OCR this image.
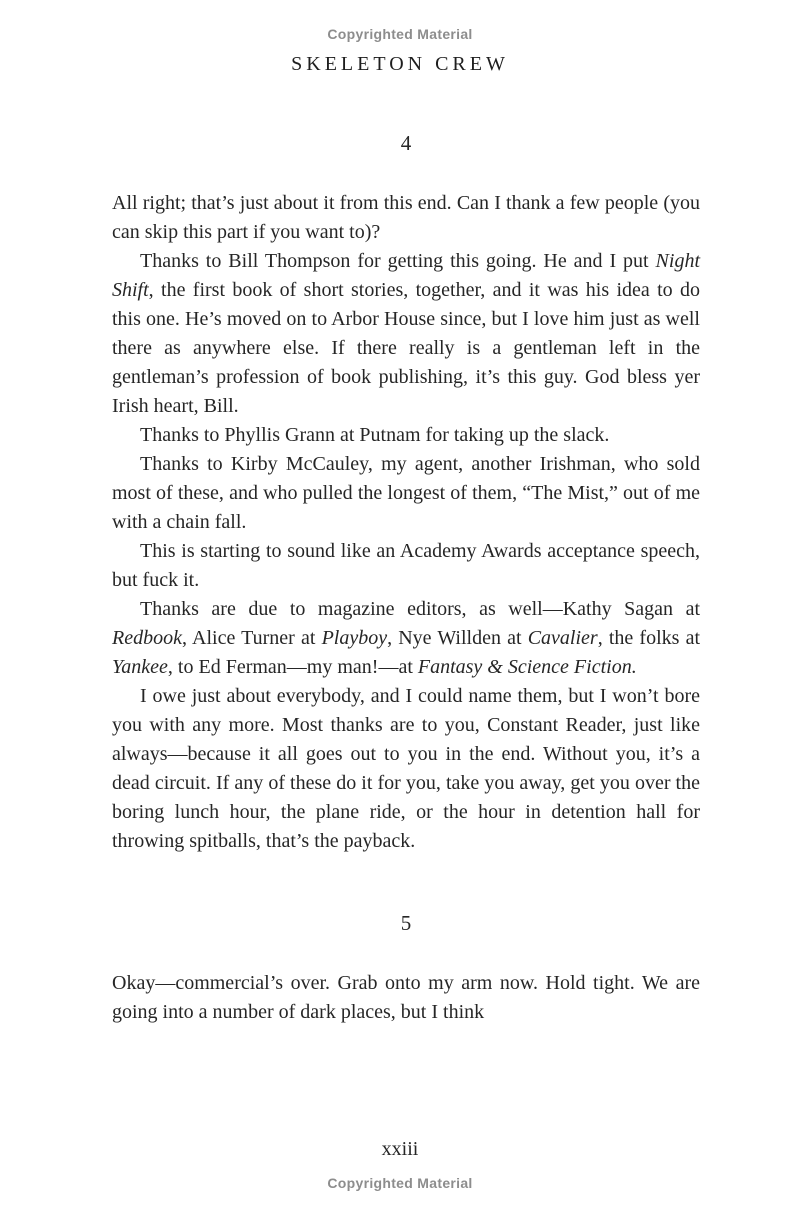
Copyrighted Material
SKELETON CREW
4

All right; that’s just about it from this end. Can I thank a few people (you can skip this part if you want to)?

Thanks to Bill Thompson for getting this going. He and I put Night Shift, the first book of short stories, together, and it was his idea to do this one. He’s moved on to Arbor House since, but I love him just as well there as anywhere else. If there really is a gentleman left in the gentleman’s profession of book publishing, it’s this guy. God bless yer Irish heart, Bill.

Thanks to Phyllis Grann at Putnam for taking up the slack.

Thanks to Kirby McCauley, my agent, another Irishman, who sold most of these, and who pulled the longest of them, “The Mist,” out of me with a chain fall.

This is starting to sound like an Academy Awards acceptance speech, but fuck it.

Thanks are due to magazine editors, as well—Kathy Sagan at Redbook, Alice Turner at Playboy, Nye Willden at Cavalier, the folks at Yankee, to Ed Ferman—my man!—at Fantasy & Science Fiction.

I owe just about everybody, and I could name them, but I won’t bore you with any more. Most thanks are to you, Constant Reader, just like always—because it all goes out to you in the end. Without you, it’s a dead circuit. If any of these do it for you, take you away, get you over the boring lunch hour, the plane ride, or the hour in detention hall for throwing spitballs, that’s the payback.

5

Okay—commercial’s over. Grab onto my arm now. Hold tight. We are going into a number of dark places, but I think

xxiii
Copyrighted Material
